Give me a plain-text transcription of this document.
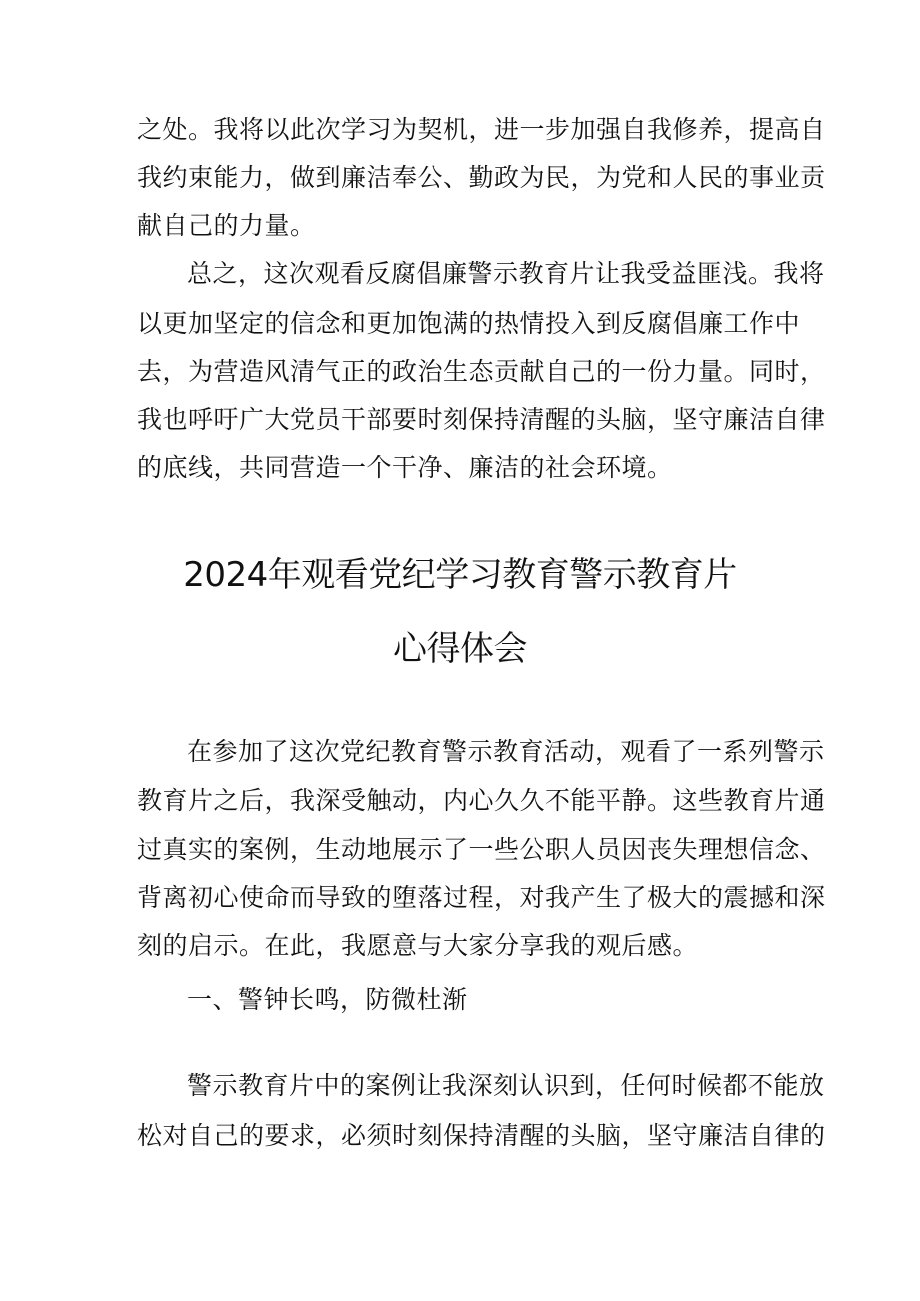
之处。我将以此次学习为契机，进一步加强自我修养，提高自
我约束能力，做到廉洁奉公、勤政为民，为党和人民的事业贡
献自己的力量。
总之，这次观看反腐倡廉警示教育片让我受益匪浅。我将
以更加坚定的信念和更加饱满的热情投入到反腐倡廉工作中
去，为营造风清气正的政治生态贡献自己的一份力量。同时，
我也呼吁广大党员干部要时刻保持清醒的头脑，坚守廉洁自律
的底线，共同营造一个干净、廉洁的社会环境。
2024年观看党纪学习教育警示教育片
心得体会
在参加了这次党纪教育警示教育活动，观看了一系列警示
教育片之后，我深受触动，内心久久不能平静。这些教育片通
过真实的案例，生动地展示了一些公职人员因丧失理想信念、
背离初心使命而导致的堕落过程，对我产生了极大的震撼和深
刻的启示。在此，我愿意与大家分享我的观后感。
一、警钟长鸣，防微杜渐
警示教育片中的案例让我深刻认识到，任何时候都不能放
松对自己的要求，必须时刻保持清醒的头脑，坚守廉洁自律的
